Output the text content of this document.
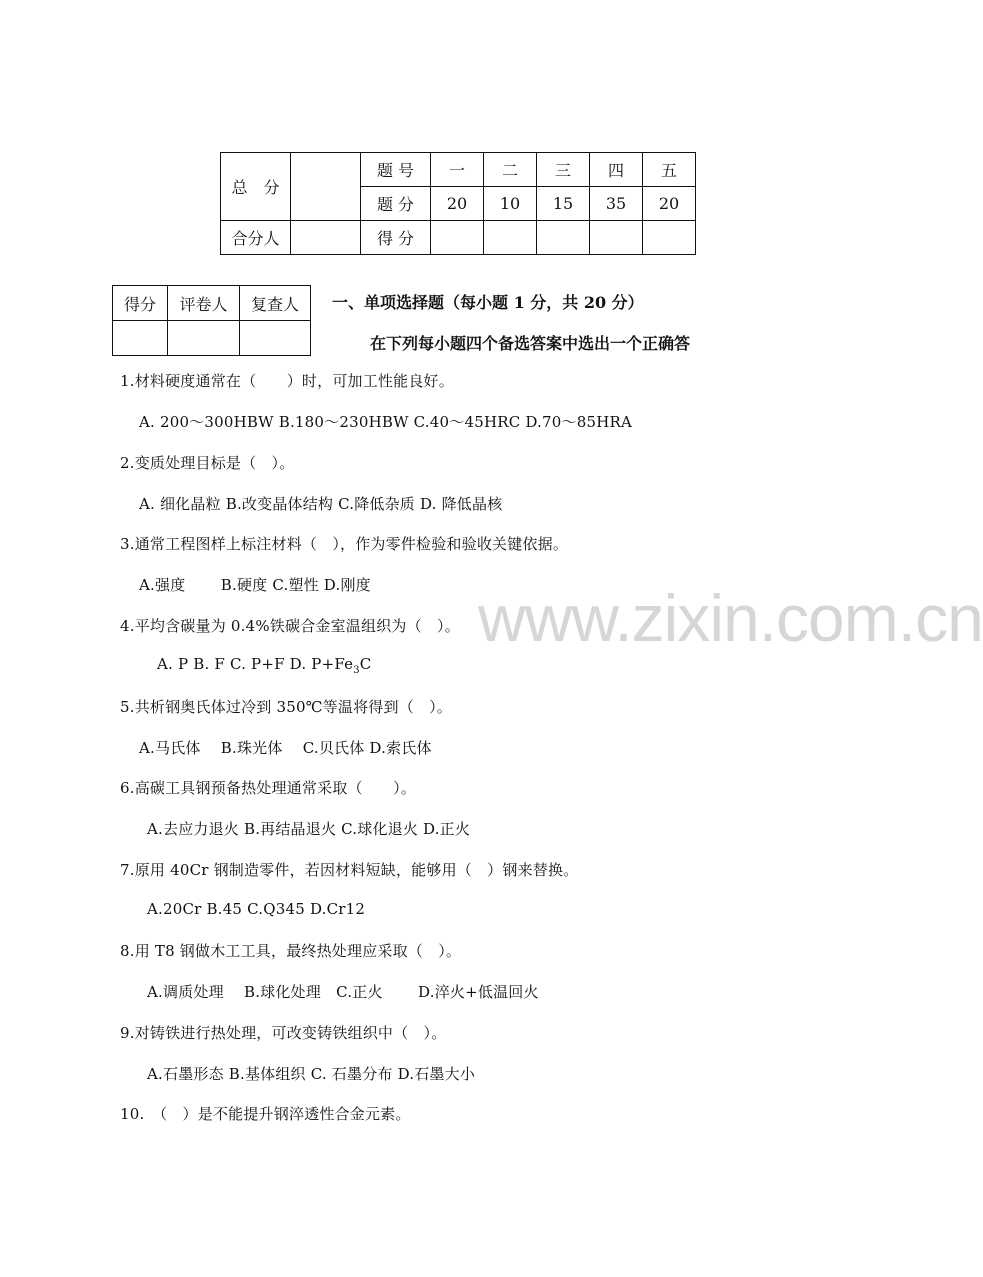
总　分		题 号	一	二	三	四	五
		题 分	20	10	15	35	20
合分人		得 分					
得分	评卷人	复查人
		一、单项选择题（每小题 1 分，共 20 分）
在下列每小题四个备选答案中选出一个正确答
www.zixin.com.cn
1.材料硬度通常在（　　）时，可加工性能良好。
A. 200～300HBW B.180～230HBW C.40～45HRC D.70～85HRA
2.变质处理目标是（　）。
A. 细化晶粒 B.改变晶体结构 C.降低杂质 D. 降低晶核
3.通常工程图样上标注材料（　），作为零件检验和验收关键依据。
A.强度　　 B.硬度 C.塑性 D.刚度
4.平均含碳量为 0.4%铁碳合金室温组织为（　）。
A. P B. F C. P+F D. $P+Fe_3C$
5.共析钢奥氏体过冷到 350℃等温将得到（　）。
A.马氏体　 B.珠光体　 C.贝氏体 D.索氏体
6.高碳工具钢预备热处理通常采取（　　）。
A.去应力退火 B.再结晶退火 C.球化退火 D.正火
7.原用 40Cr 钢制造零件，若因材料短缺，能够用（　）钢来替换。
A.20Cr B.45 C.Q345 D.Cr12
8.用 T8 钢做木工工具，最终热处理应采取（　）。
A.调质处理　 B.球化处理　C.正火　　 D.淬火+低温回火
9.对铸铁进行热处理，可改变铸铁组织中（　）。
A.石墨形态 B.基体组织 C. 石墨分布 D.石墨大小
10.　（　）是不能提升钢淬透性合金元素。
